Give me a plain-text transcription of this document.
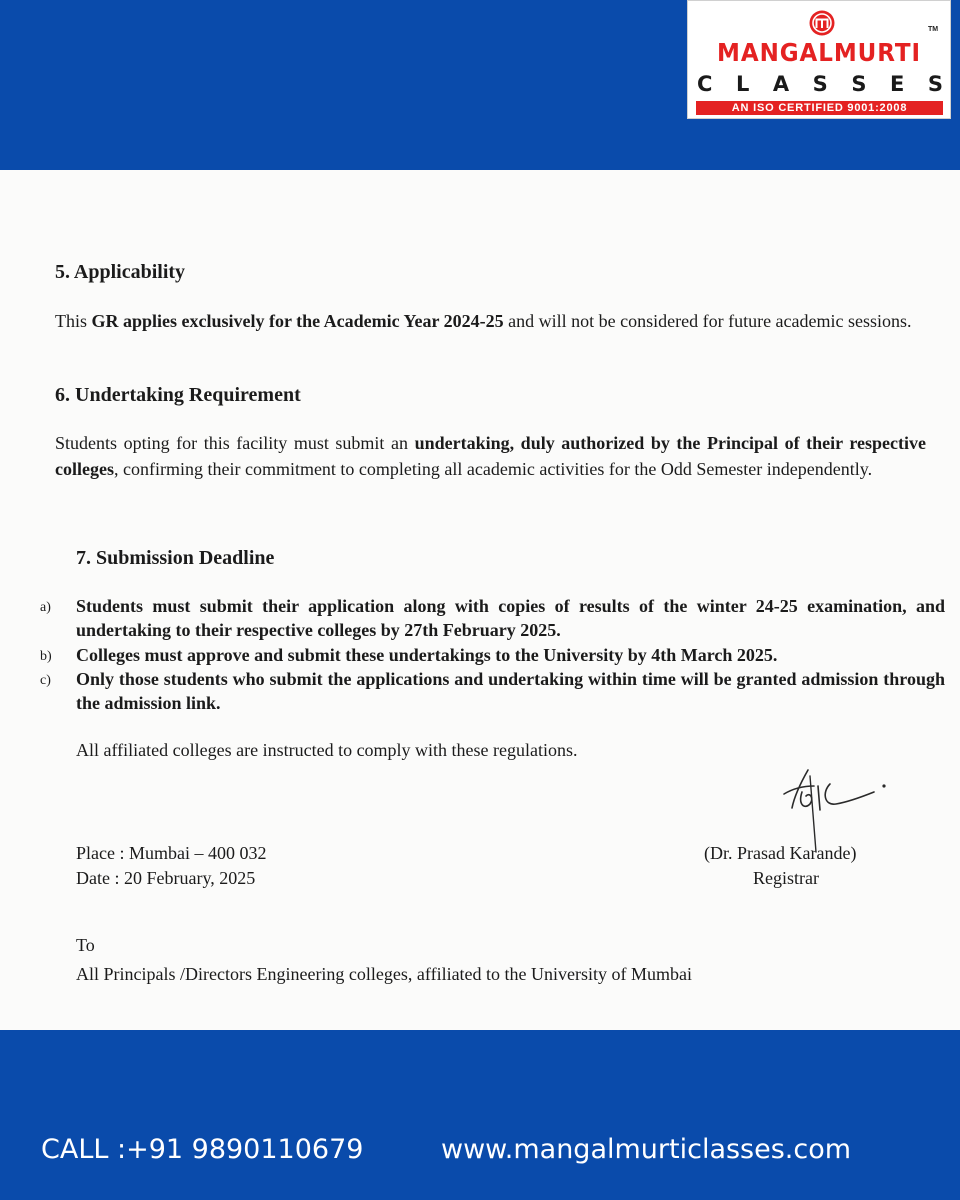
TM
MANGALMURTI
C L A S S E S
AN ISO CERTIFIED 9001:2008
5. Applicability
This GR applies exclusively for the Academic Year 2024-25 and will not be considered for future academic sessions.
6. Undertaking Requirement
Students opting for this facility must submit an undertaking, duly authorized by the Principal of their respective colleges, confirming their commitment to completing all academic activities for the Odd Semester independently.
7. Submission Deadline
a)	Students must submit their application along with copies of results of the winter 24-25 examination, and undertaking to their respective colleges by 27th February 2025.
b)	Colleges must approve and submit these undertakings to the University by 4th March 2025.
c)	Only those students who submit the applications and undertaking within time will be granted admission through the admission link.
All affiliated colleges are instructed to comply with these regulations.
Place : Mumbai – 400 032
Date : 20 February, 2025
(Dr. Prasad Karande)
Registrar
To
All Principals /Directors Engineering colleges, affiliated to the University of Mumbai
CALL :+91 9890110679	www.mangalmurticlasses.com
